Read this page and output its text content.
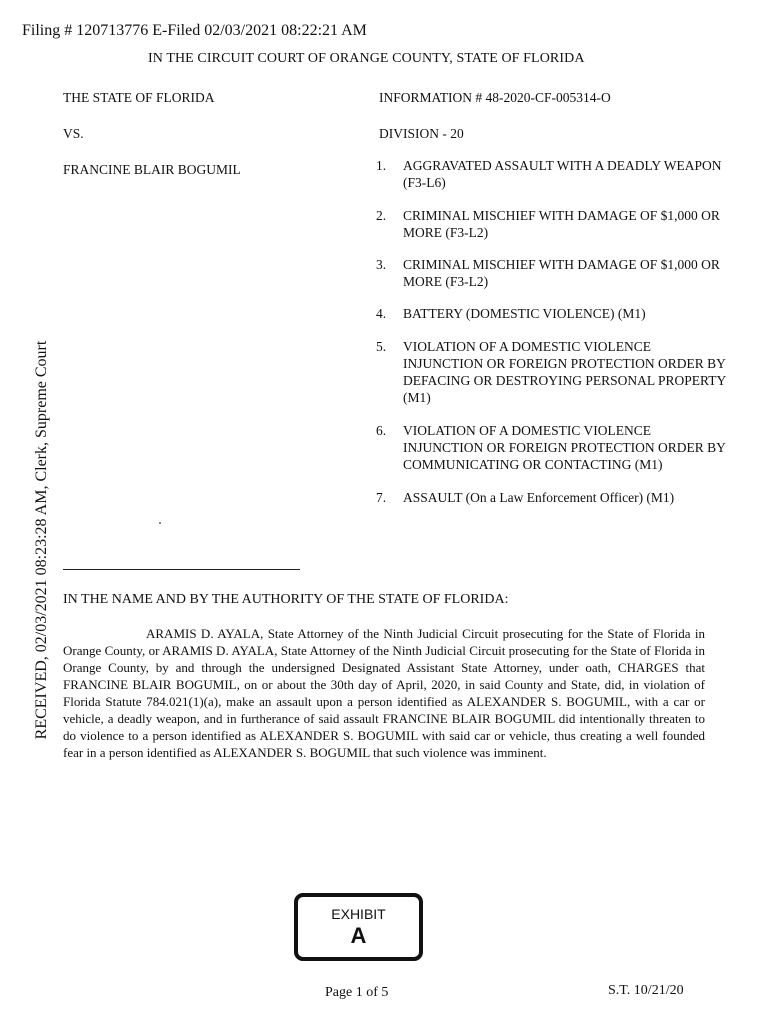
Filing # 120713776 E-Filed 02/03/2021 08:22:21 AM
IN THE CIRCUIT COURT OF ORANGE COUNTY, STATE OF FLORIDA
THE STATE OF FLORIDA
VS.
FRANCINE BLAIR BOGUMIL
INFORMATION # 48-2020-CF-005314-O
DIVISION - 20
1.	AGGRAVATED ASSAULT WITH A DEADLY WEAPON (F3-L6)
2.	CRIMINAL MISCHIEF WITH DAMAGE OF $1,000 OR MORE (F3-L2)
3.	CRIMINAL MISCHIEF WITH DAMAGE OF $1,000 OR MORE (F3-L2)
4.	BATTERY (DOMESTIC VIOLENCE) (M1)
5.	VIOLATION OF A DOMESTIC VIOLENCE INJUNCTION OR FOREIGN PROTECTION ORDER BY DEFACING OR DESTROYING PERSONAL PROPERTY (M1)
6.	VIOLATION OF A DOMESTIC VIOLENCE INJUNCTION OR FOREIGN PROTECTION ORDER BY COMMUNICATING OR CONTACTING (M1)
7.	ASSAULT (On a Law Enforcement Officer) (M1)
IN THE NAME AND BY THE AUTHORITY OF THE STATE OF FLORIDA:

ARAMIS D. AYALA, State Attorney of the Ninth Judicial Circuit prosecuting for the State of Florida in Orange County, or ARAMIS D. AYALA, State Attorney of the Ninth Judicial Circuit prosecuting for the State of Florida in Orange County, by and through the undersigned Designated Assistant State Attorney, under oath, CHARGES that FRANCINE BLAIR BOGUMIL, on or about the 30th day of April, 2020, in said County and State, did, in violation of Florida Statute 784.021(1)(a), make an assault upon a person identified as ALEXANDER S. BOGUMIL, with a car or vehicle, a deadly weapon, and in furtherance of said assault FRANCINE BLAIR BOGUMIL did intentionally threaten to do violence to a person identified as ALEXANDER S. BOGUMIL with said car or vehicle, thus creating a well founded fear in a person identified as ALEXANDER S. BOGUMIL that such violence was imminent.

RECEIVED, 02/03/2021 08:23:28 AM, Clerk, Supreme Court
EXHIBIT
A
Page 1 of 5	S.T. 10/21/20
